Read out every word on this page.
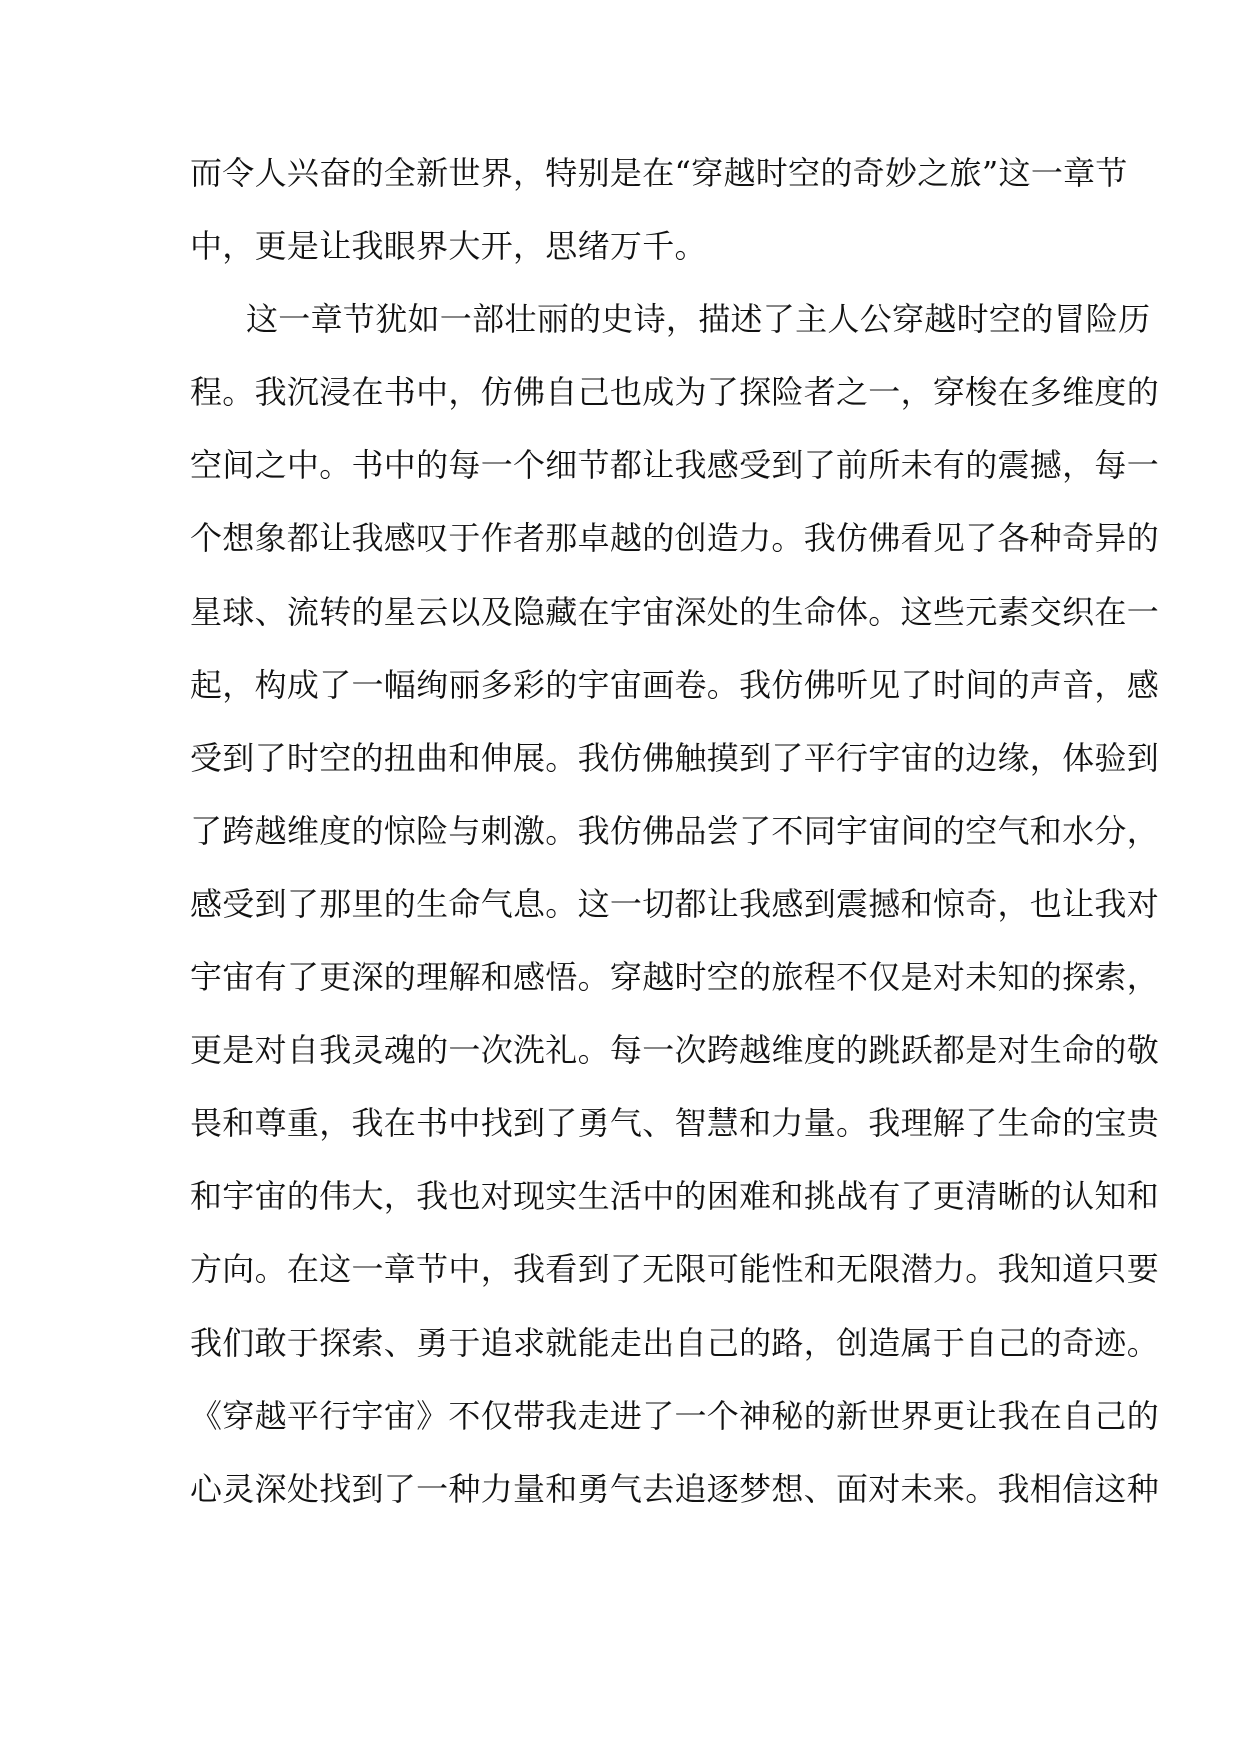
而令人兴奋的全新世界，特别是在“穿越时空的奇妙之旅”这一章节
中，更是让我眼界大开，思绪万千。
这一章节犹如一部壮丽的史诗，描述了主人公穿越时空的冒险历
程。我沉浸在书中，仿佛自己也成为了探险者之一，穿梭在多维度的
空间之中。书中的每一个细节都让我感受到了前所未有的震撼，每一
个想象都让我感叹于作者那卓越的创造力。我仿佛看见了各种奇异的
星球、流转的星云以及隐藏在宇宙深处的生命体。这些元素交织在一
起，构成了一幅绚丽多彩的宇宙画卷。我仿佛听见了时间的声音，感
受到了时空的扭曲和伸展。我仿佛触摸到了平行宇宙的边缘，体验到
了跨越维度的惊险与刺激。我仿佛品尝了不同宇宙间的空气和水分，
感受到了那里的生命气息。这一切都让我感到震撼和惊奇，也让我对
宇宙有了更深的理解和感悟。穿越时空的旅程不仅是对未知的探索，
更是对自我灵魂的一次洗礼。每一次跨越维度的跳跃都是对生命的敬
畏和尊重，我在书中找到了勇气、智慧和力量。我理解了生命的宝贵
和宇宙的伟大，我也对现实生活中的困难和挑战有了更清晰的认知和
方向。在这一章节中，我看到了无限可能性和无限潜力。我知道只要
我们敢于探索、勇于追求就能走出自己的路，创造属于自己的奇迹。
《穿越平行宇宙》不仅带我走进了一个神秘的新世界更让我在自己的
心灵深处找到了一种力量和勇气去追逐梦想、面对未来。我相信这种
